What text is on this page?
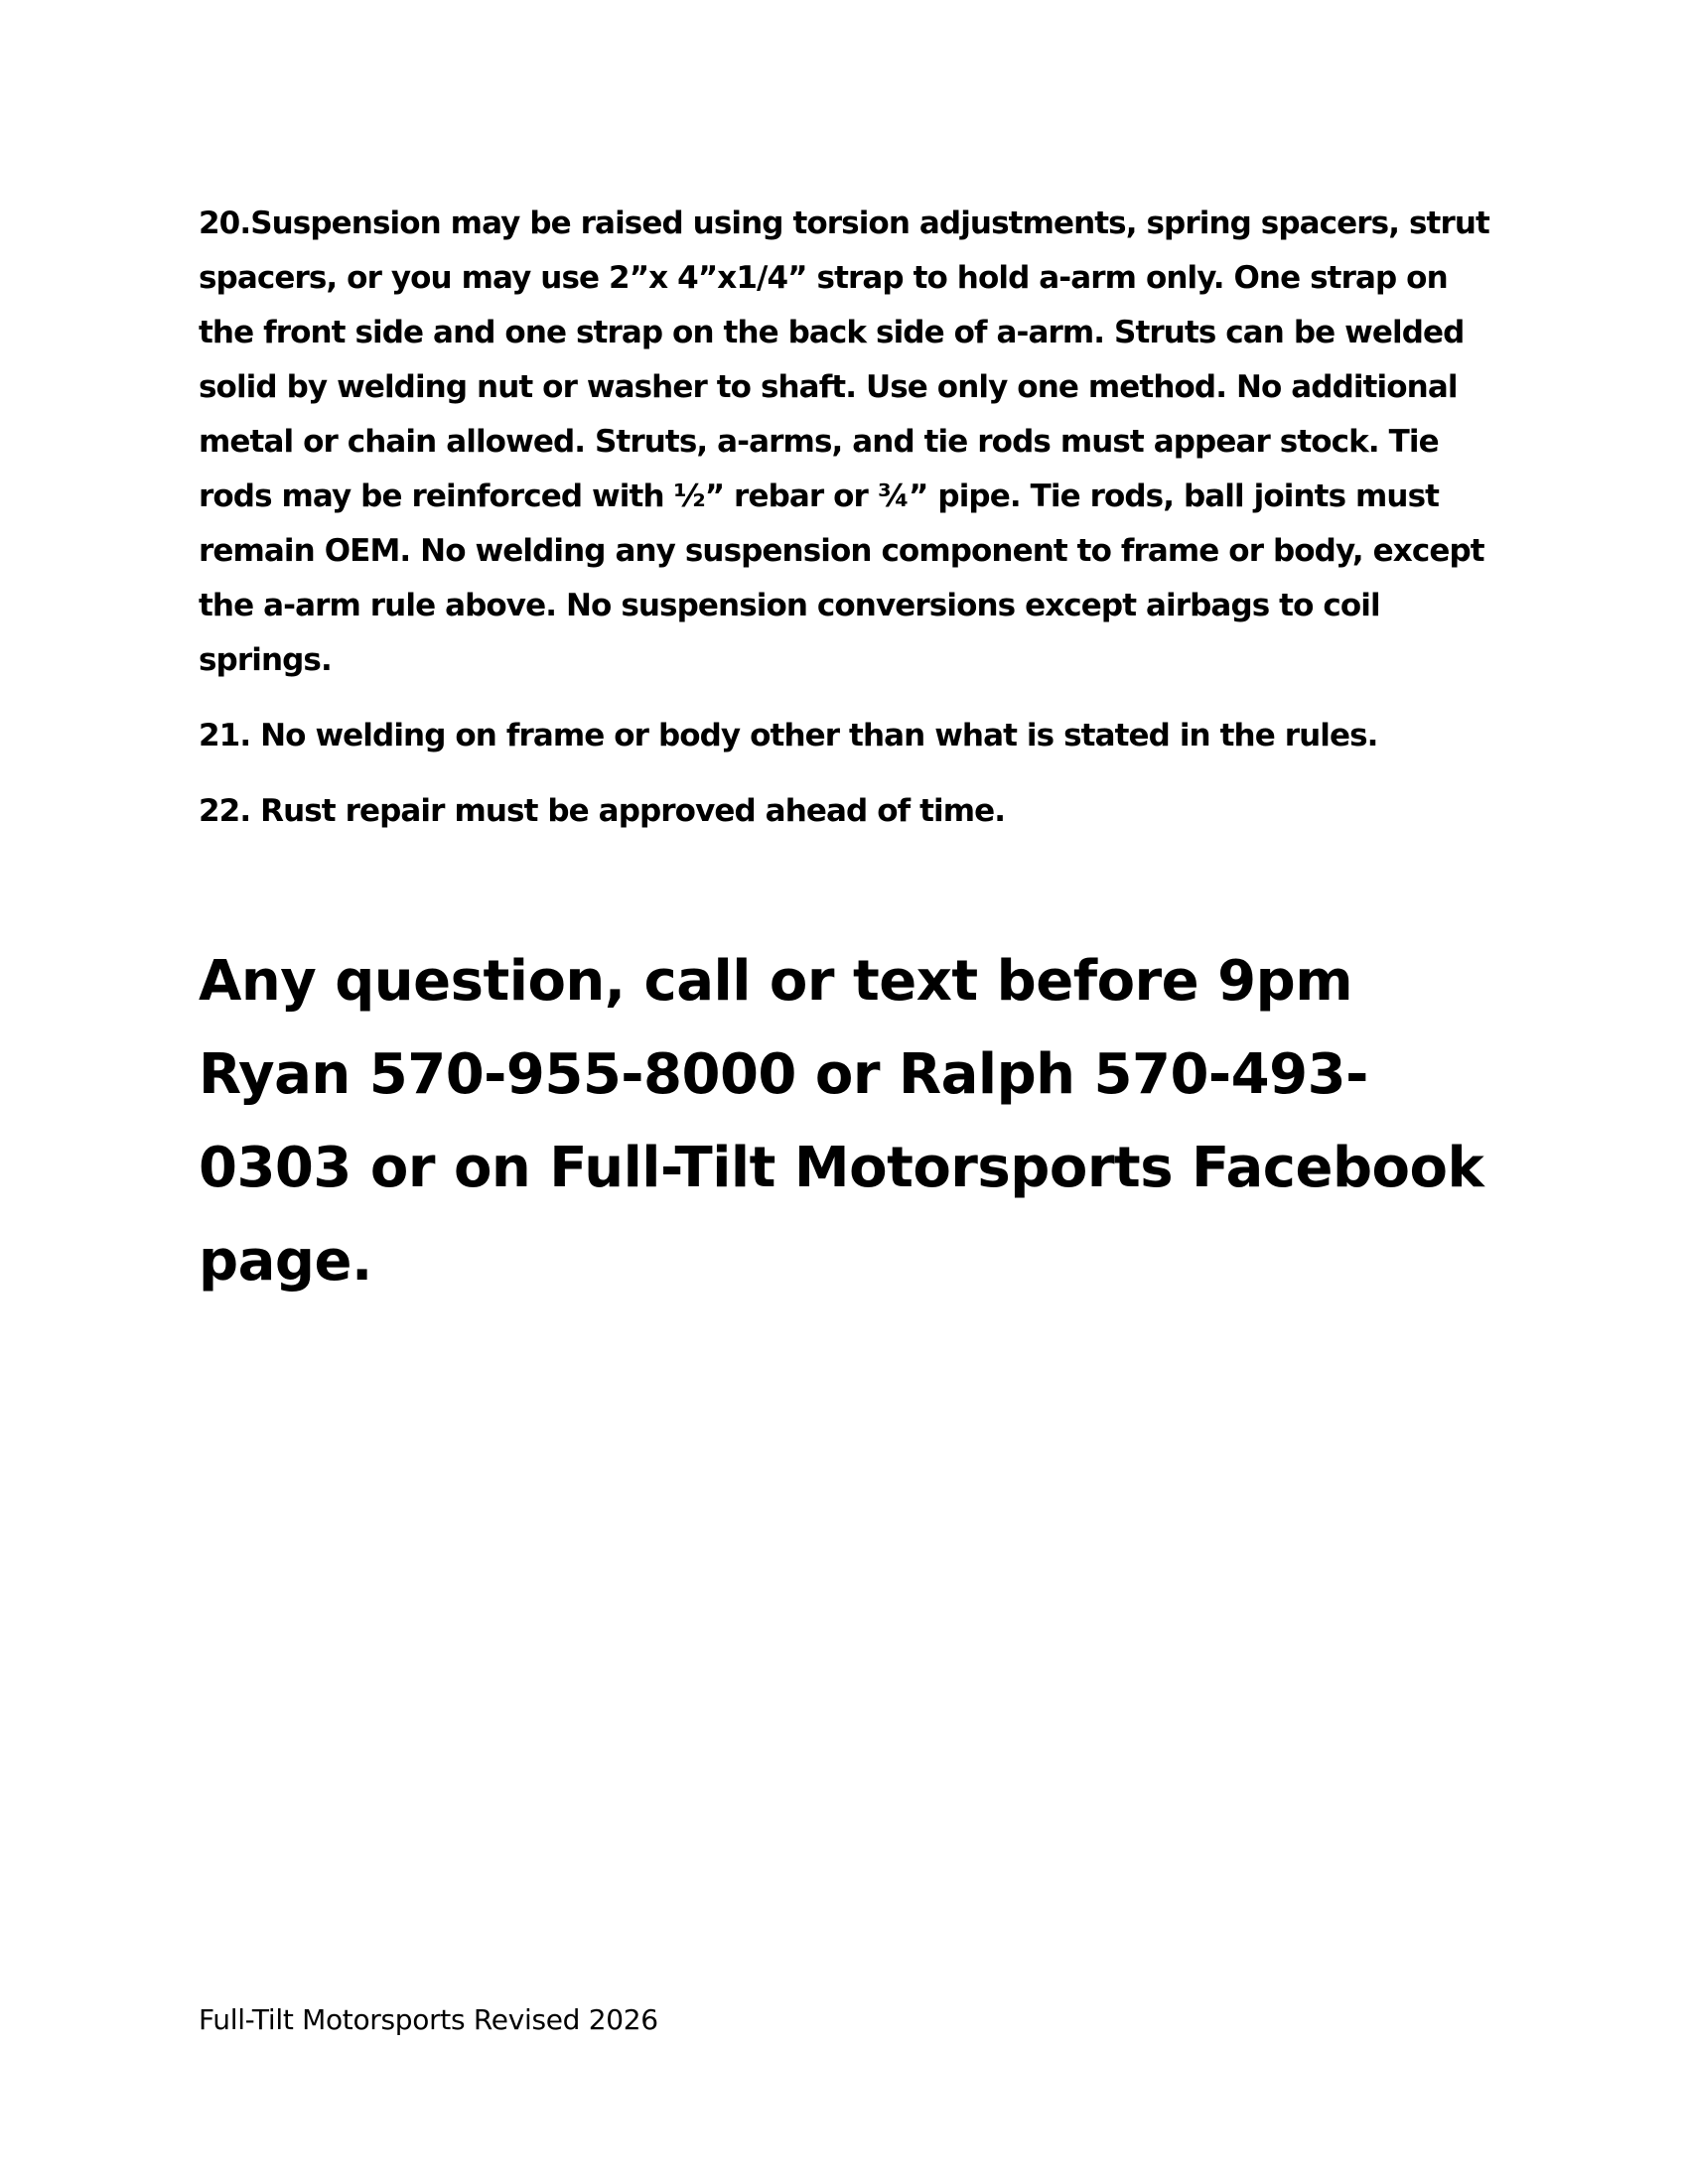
20.Suspension may be raised using torsion adjustments, spring spacers, strut spacers, or you may use 2”x 4”x1/4” strap to hold a-arm only. One strap on the front side and one strap on the back side of a-arm. Struts can be welded solid by welding nut or washer to shaft. Use only one method. No additional metal or chain allowed. Struts, a-arms, and tie rods must appear stock. Tie rods may be reinforced with ½” rebar or ¾” pipe. Tie rods, ball joints must remain OEM. No welding any suspension component to frame or body, except the a-arm rule above. No suspension conversions except airbags to coil springs.

21. No welding on frame or body other than what is stated in the rules.

22. Rust repair must be approved ahead of time.

Any question, call or text before 9pm Ryan 570-955-8000 or Ralph 570-493-0303 or on Full-Tilt Motorsports Facebook page.

Full-Tilt Motorsports Revised 2026
